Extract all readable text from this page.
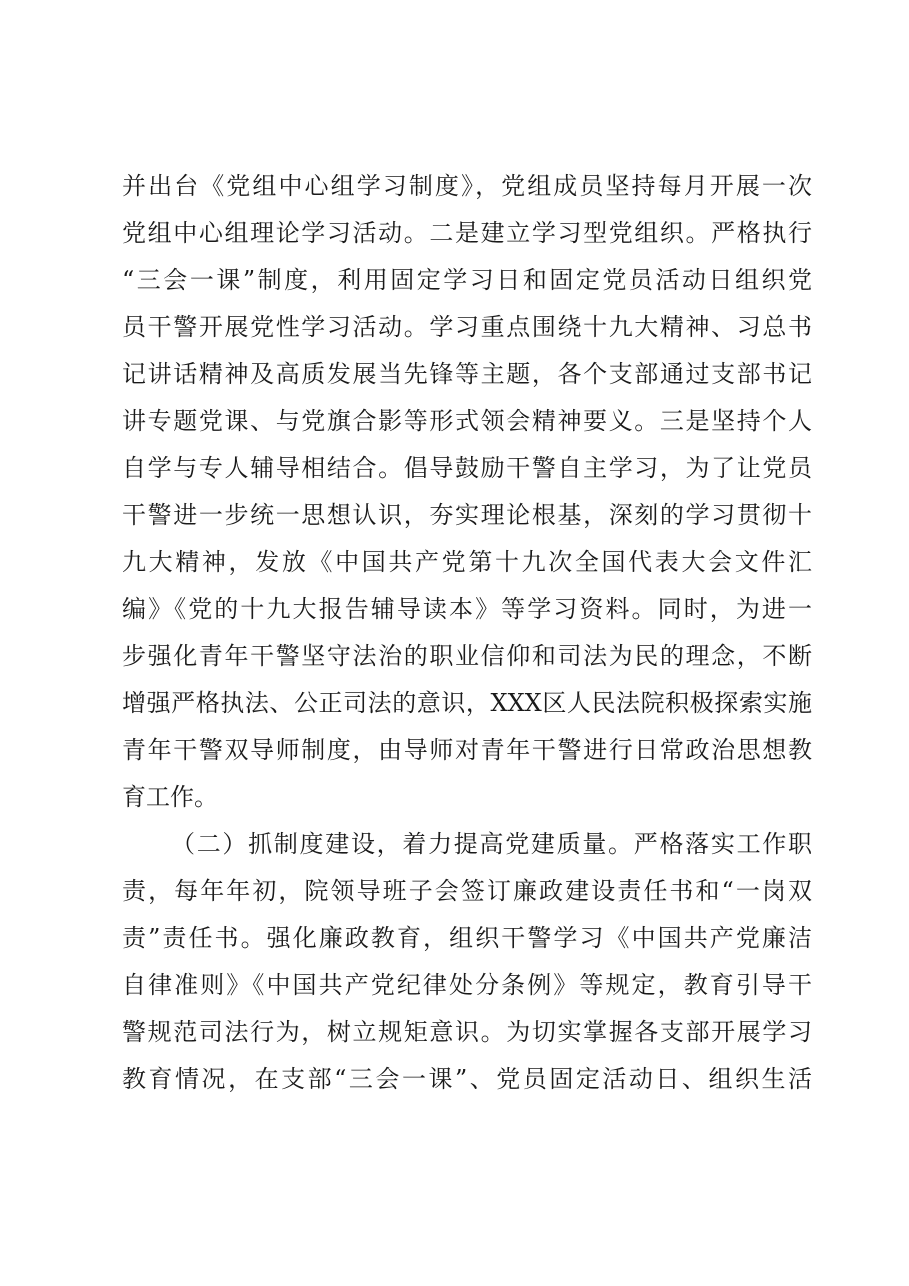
并出台《党组中心组学习制度》，党组成员坚持每月开展一次
党组中心组理论学习活动。二是建立学习型党组织。严格执行
“三会一课”制度，利用固定学习日和固定党员活动日组织党
员干警开展党性学习活动。学习重点围绕十九大精神、习总书
记讲话精神及高质发展当先锋等主题，各个支部通过支部书记
讲专题党课、与党旗合影等形式领会精神要义。三是坚持个人
自学与专人辅导相结合。倡导鼓励干警自主学习，为了让党员
干警进一步统一思想认识，夯实理论根基，深刻的学习贯彻十
九大精神，发放《中国共产党第十九次全国代表大会文件汇
编》《党的十九大报告辅导读本》等学习资料。同时，为进一
步强化青年干警坚守法治的职业信仰和司法为民的理念，不断
增强严格执法、公正司法的意识，XXX区人民法院积极探索实施
青年干警双导师制度，由导师对青年干警进行日常政治思想教
育工作。
（二）抓制度建设，着力提高党建质量。严格落实工作职
责，每年年初，院领导班子会签订廉政建设责任书和“一岗双
责”责任书。强化廉政教育，组织干警学习《中国共产党廉洁
自律准则》《中国共产党纪律处分条例》等规定，教育引导干
警规范司法行为，树立规矩意识。为切实掌握各支部开展学习
教育情况，在支部“三会一课”、党员固定活动日、组织生活
